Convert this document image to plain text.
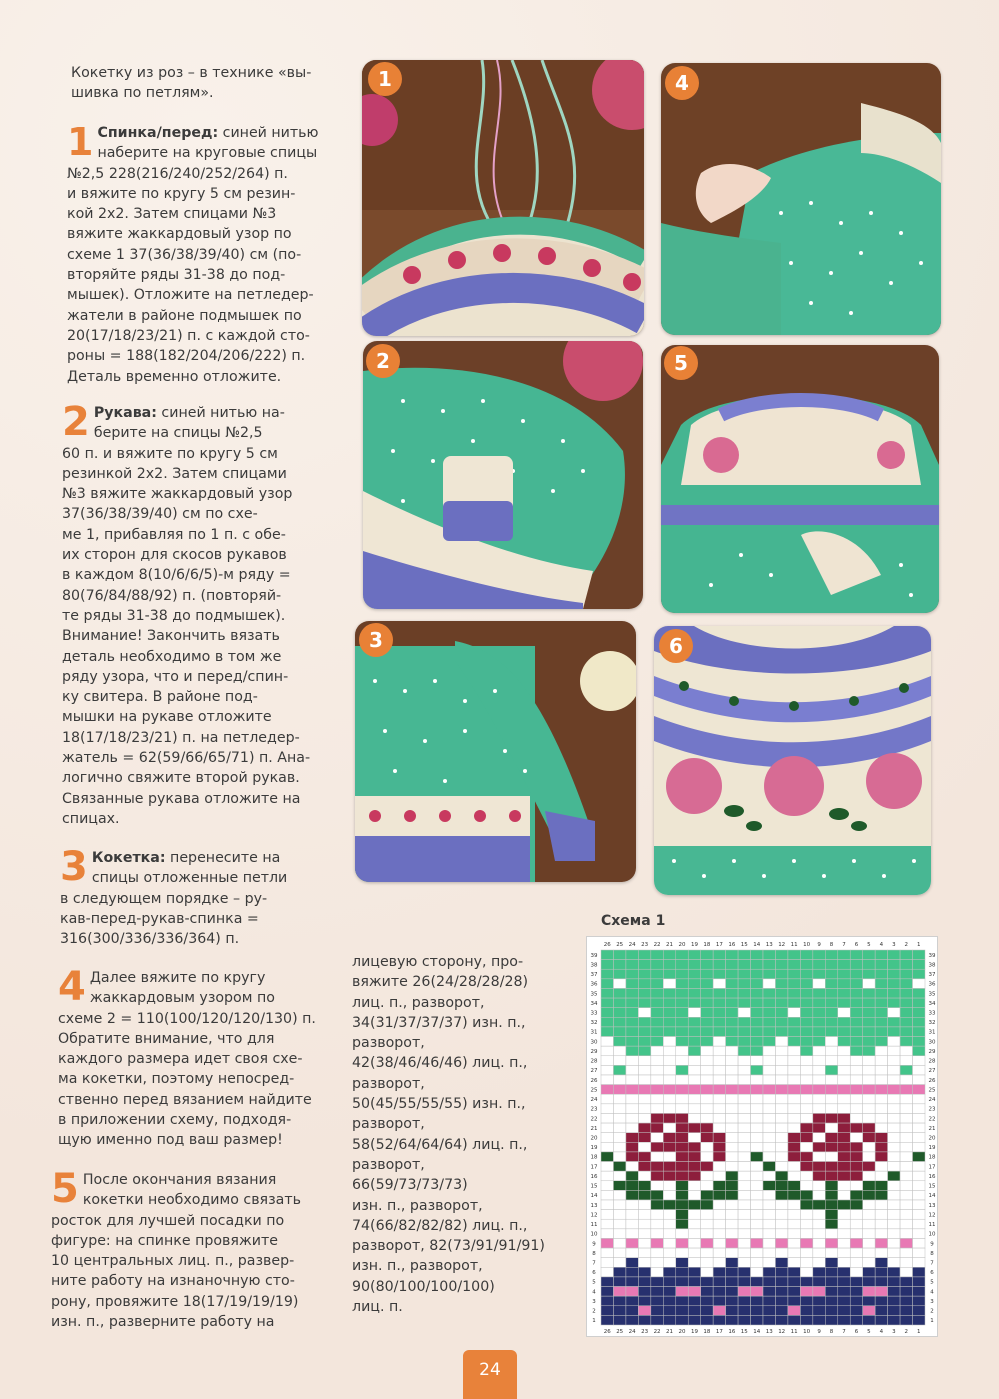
Кокетку из роз – в технике «вы-
шивка по петлям».
1 Спинка/перед: синей нитью
наберите на круговые спицы
№2,5 228(216/240/252/264) п.
и вяжите по кругу 5 см резин-
кой 2х2. Затем спицами №3
вяжите жаккардовый узор по
схеме 1 37(36/38/39/40) см (по-
вторяйте ряды 31-38 до под-
мышек). Отложите на петледер-
жатели в районе подмышек по
20(17/18/23/21) п. с каждой сто-
роны = 188(182/204/206/222) п.
Деталь временно отложите.
2 Рукава: синей нитью на-
берите на спицы №2,5
60 п. и вяжите по кругу 5 см
резинкой 2х2. Затем спицами
№3 вяжите жаккардовый узор
37(36/38/39/40) см по схе-
ме 1, прибавляя по 1 п. с обе-
их сторон для скосов рукавов
в каждом 8(10/6/6/5)-м ряду =
80(76/84/88/92) п. (повторяй-
те ряды 31-38 до подмышек).
Внимание! Закончить вязать
деталь необходимо в том же
ряду узора, что и перед/спин-
ку свитера. В районе под-
мышки на рукаве отложите
18(17/18/23/21) п. на петледер-
жатель = 62(59/66/65/71) п. Ана-
логично свяжите второй рукав.
Связанные рукава отложите на
спицах.
3 Кокетка: перенесите на
спицы отложенные петли
в следующем порядке – ру-
кав-перед-рукав-спинка =
316(300/336/336/364) п.
4 Далее вяжите по кругу
жаккардовым узором по
схеме 2 = 110(100/120/120/130) п.
Обратите внимание, что для
каждого размера идет своя схе-
ма кокетки, поэтому непосред-
ственно перед вязанием найдите
в приложении схему, подходя-
щую именно под ваш размер!
5 После окончания вязания
кокетки необходимо связать
росток для лучшей посадки по
фигуре: на спинке провяжите
10 центральных лиц. п., развер-
ните работу на изнаночную сто-
рону, провяжите 18(17/19/19/19)
изн. п., разверните работу на
лицевую сторону, про-
вяжите 26(24/28/28/28)
лиц. п., разворот,
34(31/37/37/37) изн. п.,
разворот,
42(38/46/46/46) лиц. п.,
разворот,
50(45/55/55/55) изн. п.,
разворот,
58(52/64/64/64) лиц. п.,
разворот,
66(59/73/73/73)
изн. п., разворот,
74(66/82/82/82) лиц. п.,
разворот, 82(73/91/91/91)
изн. п., разворот,
90(80/100/100/100)
лиц. п.
1	4
2	5
3	6
Схема 1
26
26
25
25
24
24
23
23
22
22
21
21
20
20
19
19
18
18
17
17
16
16
15
15
14
14
13
13
12
12
11
11
10
10
9
9
8
8
7
7
6
6
5
5
4
4
3
3
2
2
1
1
39	39
38	38
37	37
36	36
35	35
34	34
33	33
32	32
31	31
30	30
29	29
28	28
27	27
26	26
25	25
24	24
23	23
22	22
21	21
20	20
19	19
18	18
17	17
16	16
15	15
14	14
13	13
12	12
11	11
10	10
9	9
8	8
7	7
6	6
5	5
4	4
3	3
2	2
1	1
24
